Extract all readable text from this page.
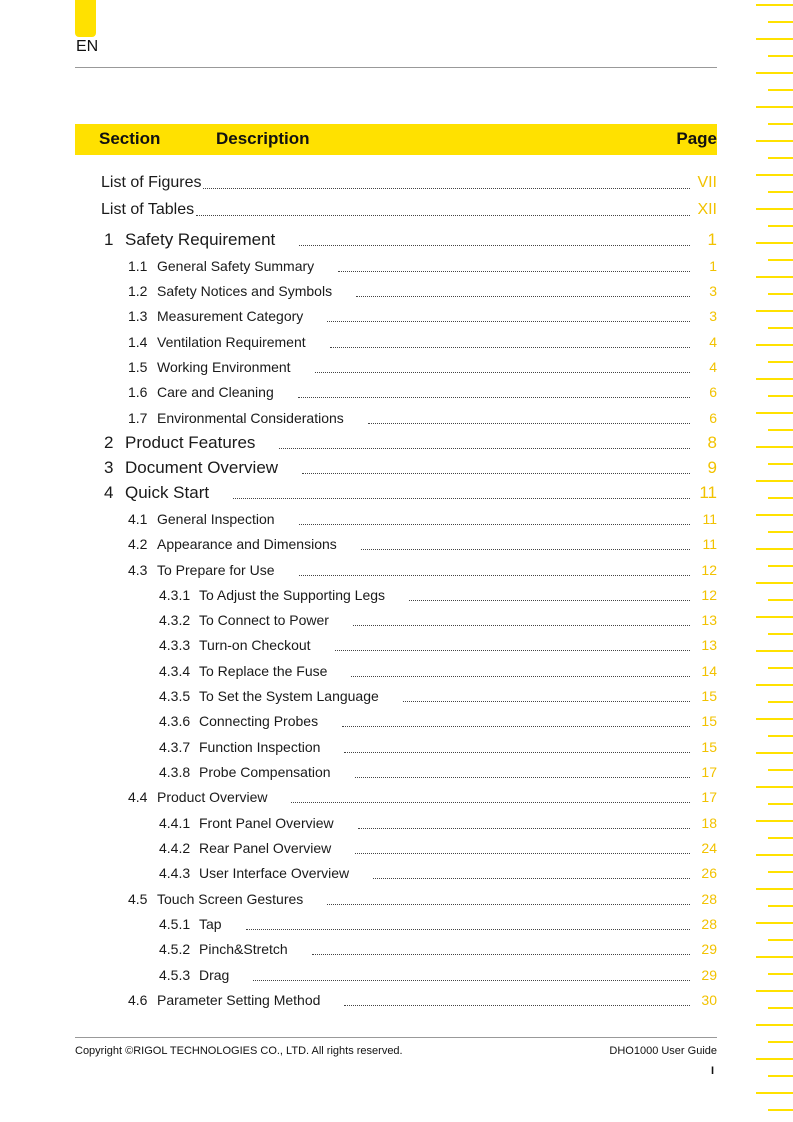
EN
Section	Description	Page
List of Figures	VII
List of Tables	XII
1 Safety Requirement	1
1.1 General Safety Summary	1
1.2 Safety Notices and Symbols	3
1.3 Measurement Category	3
1.4 Ventilation Requirement	4
1.5 Working Environment	4
1.6 Care and Cleaning	6
1.7 Environmental Considerations	6
2 Product Features	8
3 Document Overview	9
4 Quick Start	11
4.1 General Inspection	11
4.2 Appearance and Dimensions	11
4.3 To Prepare for Use	12
4.3.1 To Adjust the Supporting Legs	12
4.3.2 To Connect to Power	13
4.3.3 Turn-on Checkout	13
4.3.4 To Replace the Fuse	14
4.3.5 To Set the System Language	15
4.3.6 Connecting Probes	15
4.3.7 Function Inspection	15
4.3.8 Probe Compensation	17
4.4 Product Overview	17
4.4.1 Front Panel Overview	18
4.4.2 Rear Panel Overview	24
4.4.3 User Interface Overview	26
4.5 Touch Screen Gestures	28
4.5.1 Tap	28
4.5.2 Pinch&Stretch	29
4.5.3 Drag	29
4.6 Parameter Setting Method	30
Copyright ©RIGOL TECHNOLOGIES CO., LTD. All rights reserved.	DHO1000 User Guide
I
